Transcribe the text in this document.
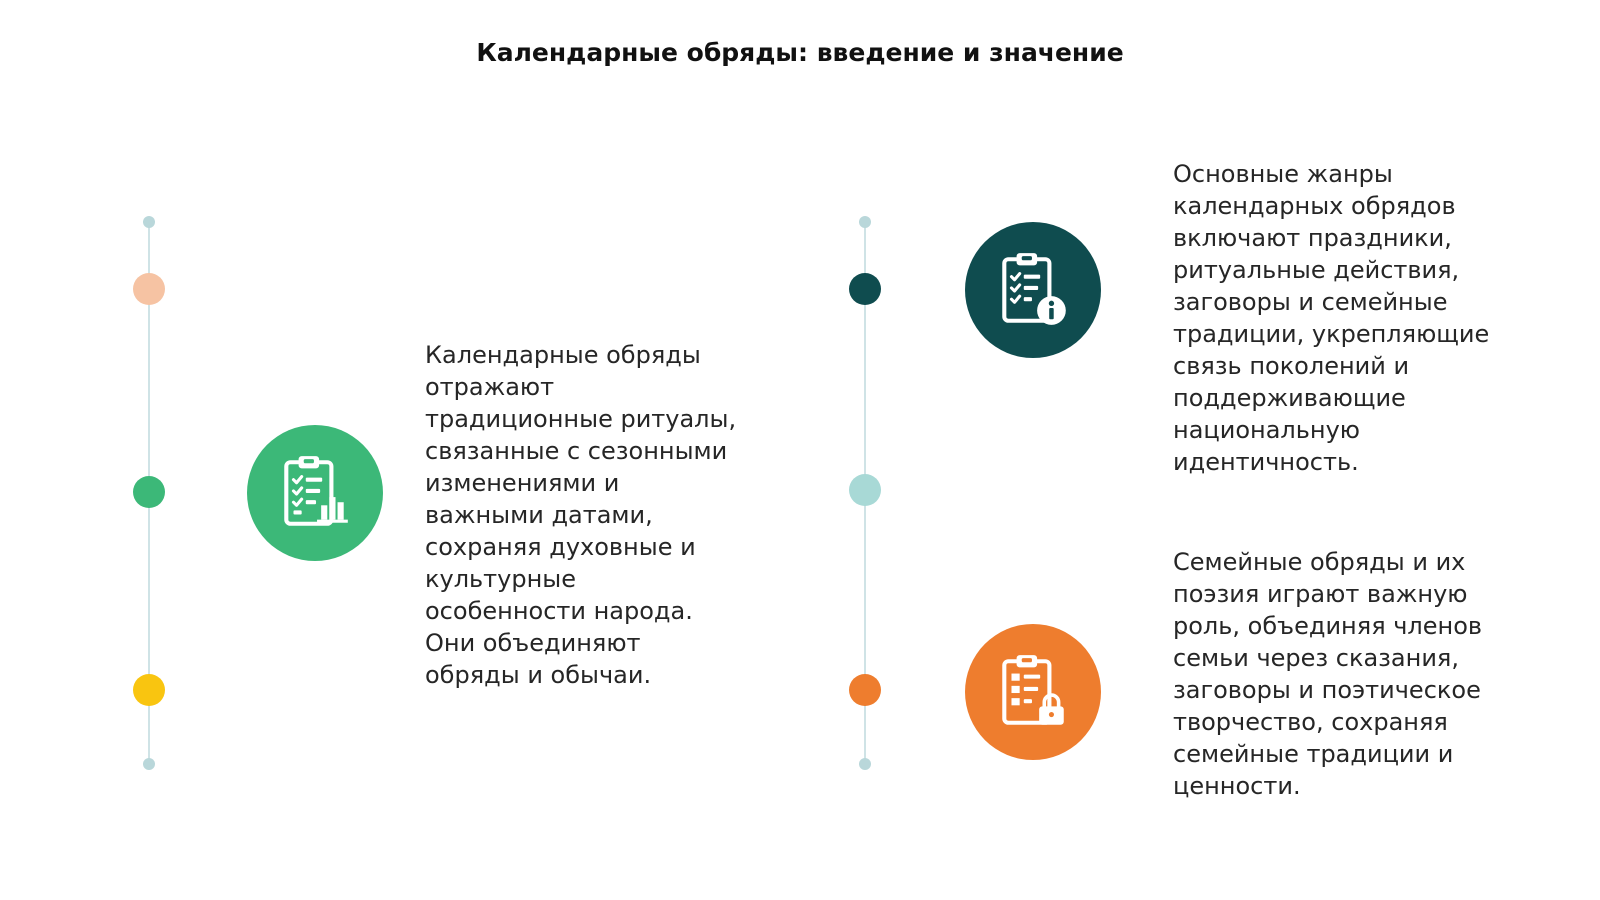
Календарные обряды: введение и значение

Календарные обряды
отражают
традиционные ритуалы,
связанные с сезонными
изменениями и
важными датами,
сохраняя духовные и
культурные
особенности народа.
Они объединяют
обряды и обычаи.

Основные жанры
календарных обрядов
включают праздники,
ритуальные действия,
заговоры и семейные
традиции, укрепляющие
связь поколений и
поддерживающие
национальную
идентичность.

Семейные обряды и их
поэзия играют важную
роль, объединяя членов
семьи через сказания,
заговоры и поэтическое
творчество, сохраняя
семейные традиции и
ценности.
